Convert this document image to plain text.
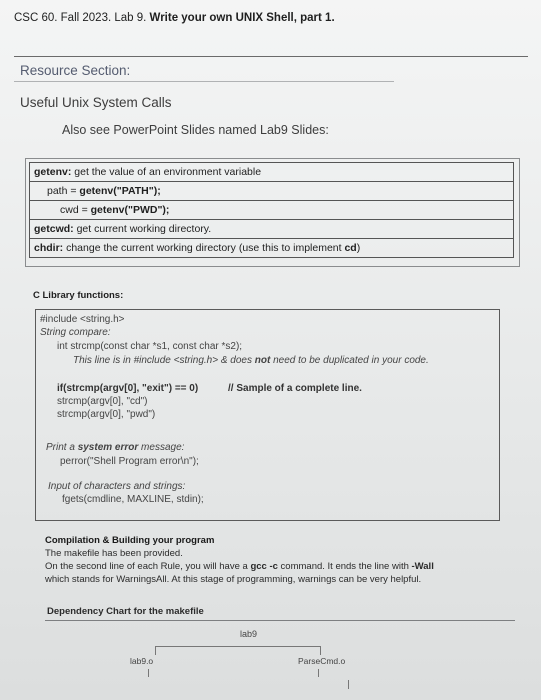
CSC 60. Fall 2023. Lab 9. Write your own UNIX Shell, part 1.
Resource Section:
Useful Unix System Calls
Also see PowerPoint Slides named Lab9 Slides:
getenv: get the value of an environment variable
path = getenv("PATH");
cwd = getenv("PWD");
getcwd: get current working directory.
chdir: change the current working directory (use this to implement cd)
C Library functions:
#include <string.h>
String compare:
int strcmp(const char *s1, const char *s2);
This line is in #include <string.h> & does not need to be duplicated in your code.
if(strcmp(argv[0], "exit") == 0)	// Sample of a complete line.
strcmp(argv[0], "cd")
strcmp(argv[0], "pwd")
Print a system error message:
perror("Shell Program error\n");
Input of characters and strings:
fgets(cmdline, MAXLINE, stdin);
Compilation & Building your program
The makefile has been provided.
On the second line of each Rule, you will have a gcc -c command. It ends the line with -Wall
which stands for WarningsAll. At this stage of programming, warnings can be very helpful.
Dependency Chart for the makefile
lab9
lab9.o	ParseCmd.o
